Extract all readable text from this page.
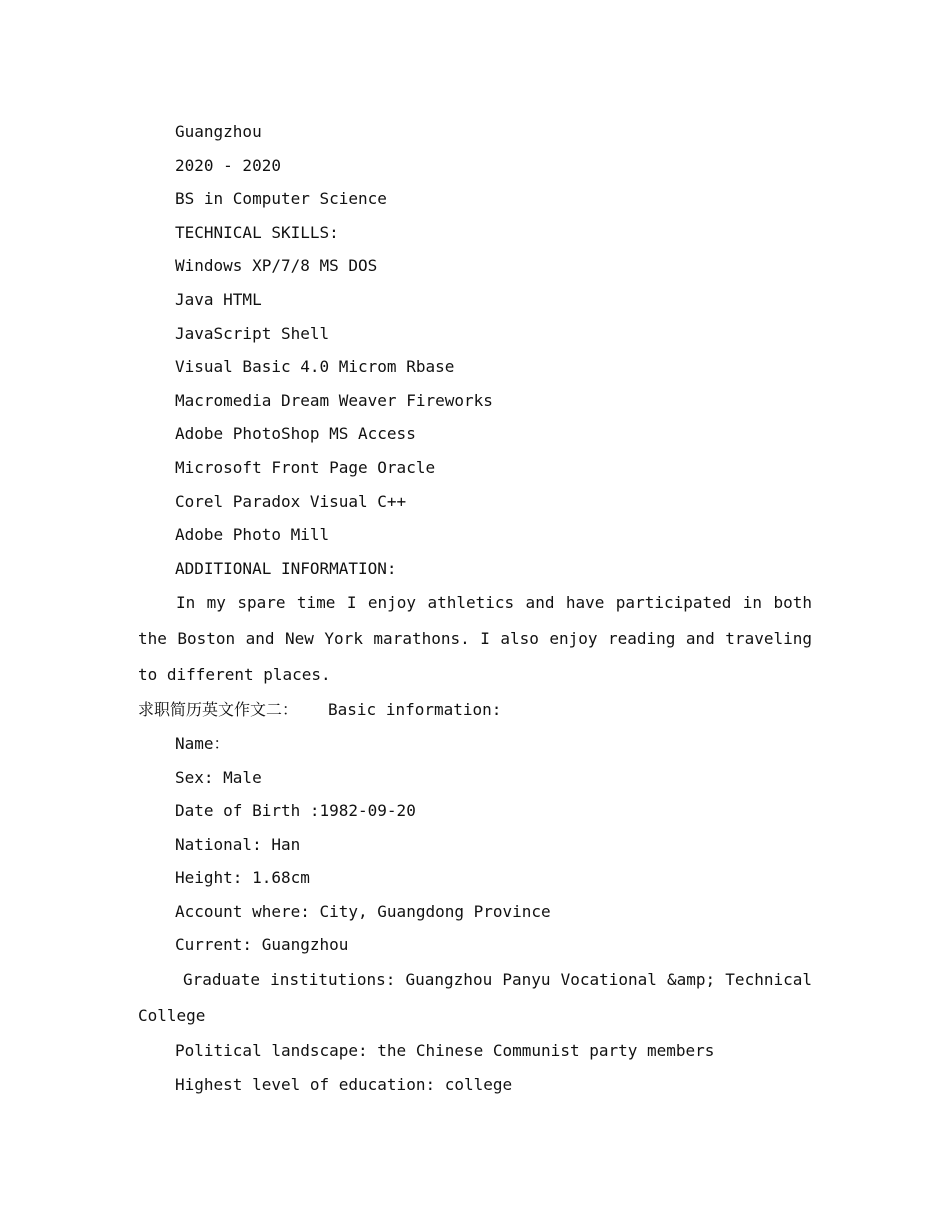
Guangzhou

2020 - 2020

BS in Computer Science

TECHNICAL SKILLS:

Windows XP/7/8 MS DOS

Java HTML

JavaScript Shell

Visual Basic 4.0 Microm Rbase

Macromedia Dream Weaver Fireworks

Adobe PhotoShop MS Access

Microsoft Front Page Oracle

Corel Paradox Visual C++

Adobe Photo Mill

ADDITIONAL INFORMATION:

In my spare time I enjoy athletics and have participated in both the Boston and New York marathons. I also enjoy reading and traveling to different places.

求职简历英文作文二： Basic information:

Name：

Sex: Male

Date of Birth :1982-09-20

National: Han

Height: 1.68cm

Account where: City, Guangdong Province

Current: Guangzhou

Graduate institutions: Guangzhou Panyu Vocational &amp; Technical College

Political landscape: the Chinese Communist party members

Highest level of education: college
